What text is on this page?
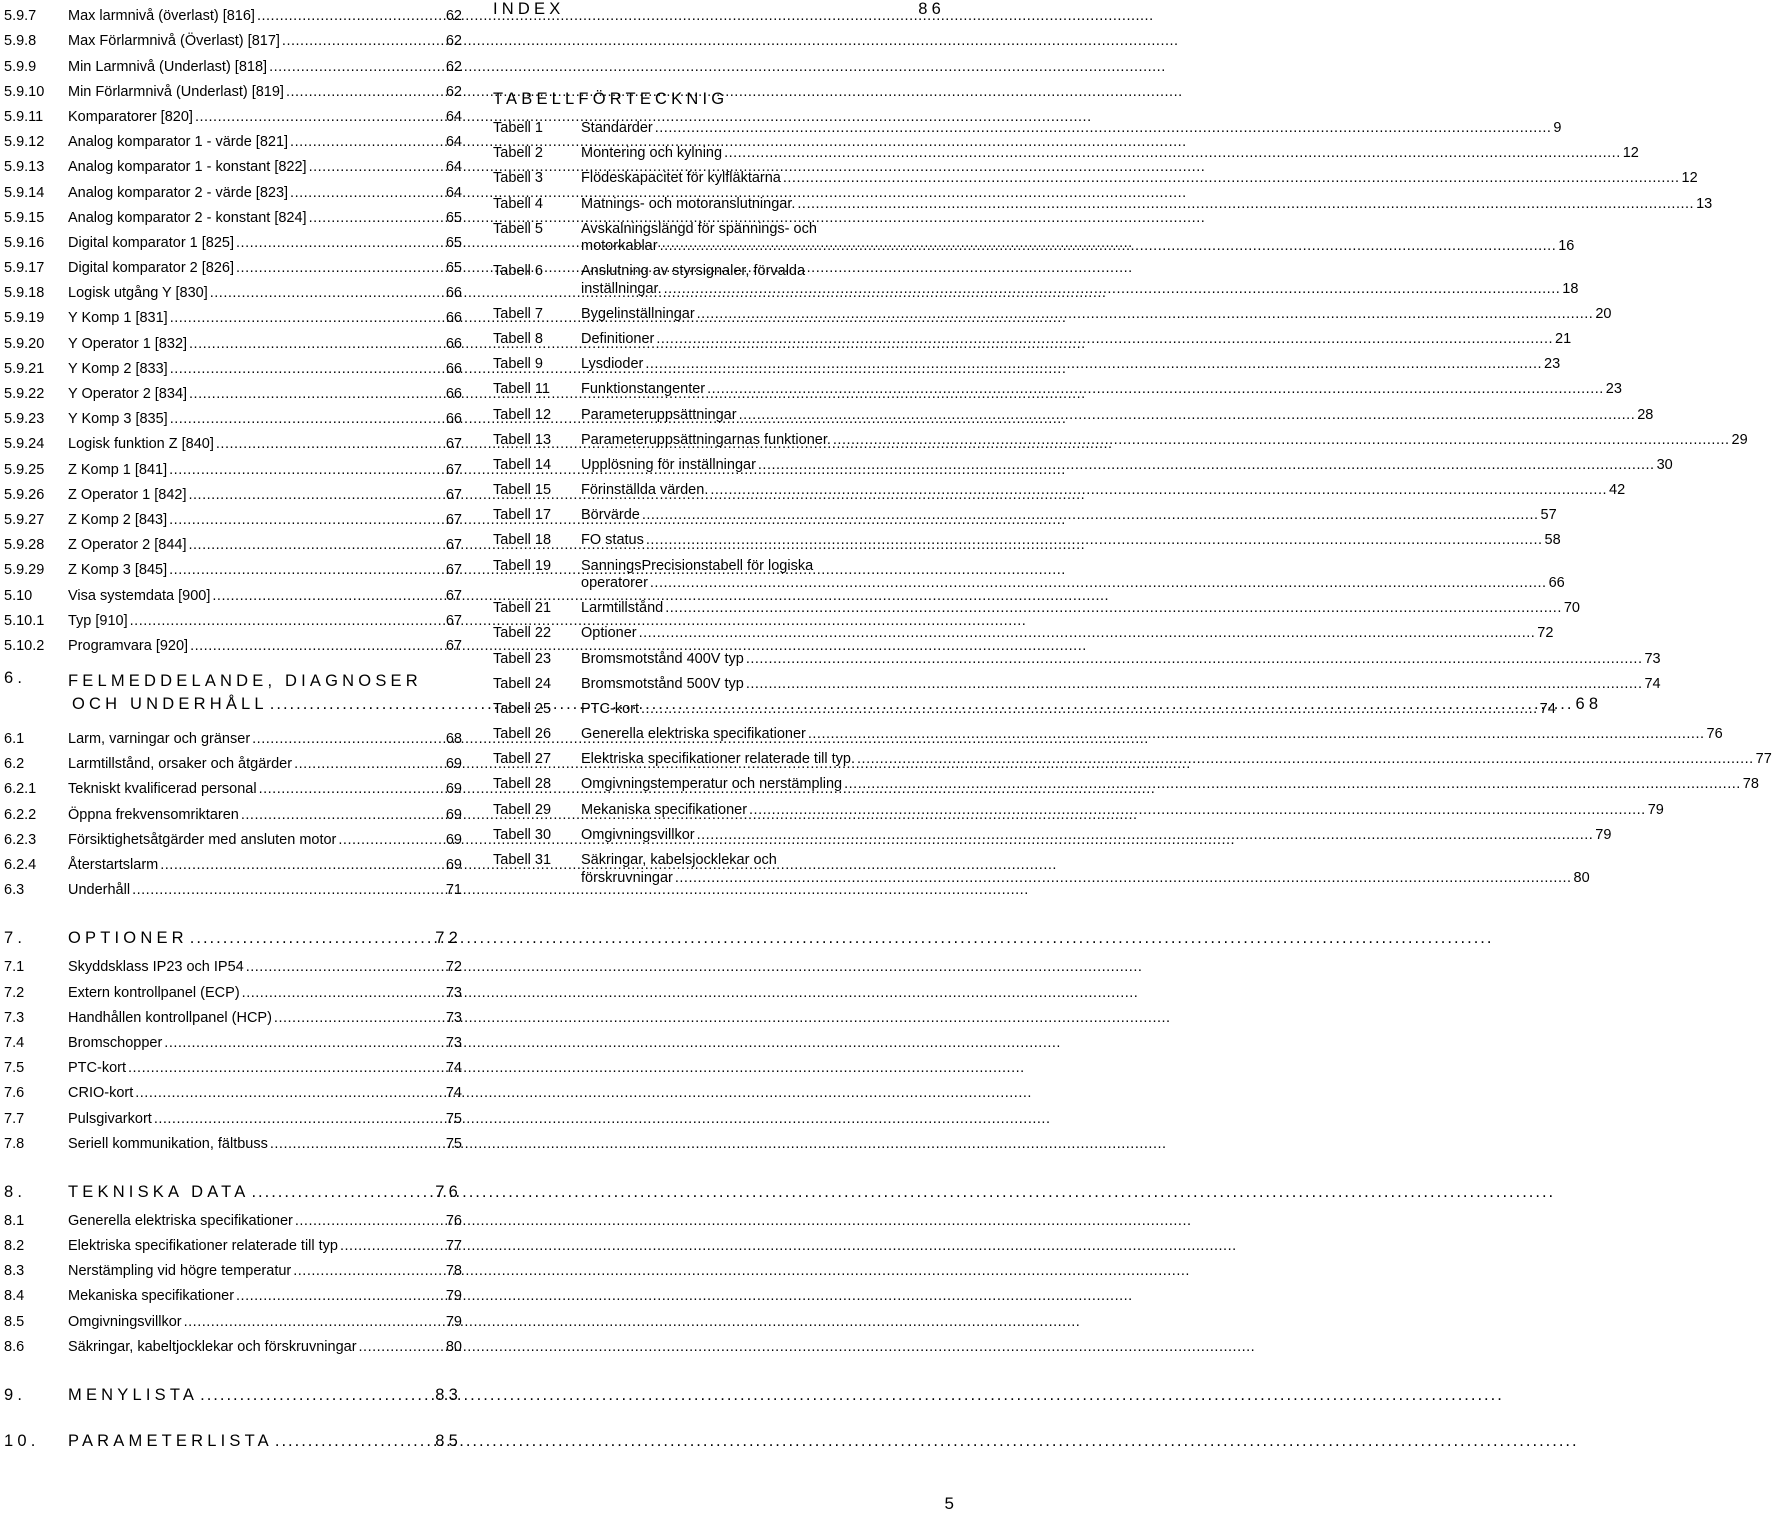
5.9.7	Max larmnivå (överlast) [816] .....	62
5.9.8	Max Förlarmnivå (Överlast) [817] .....	62
5.9.9	Min Larmnivå (Underlast) [818] .....	62
5.9.10	Min Förlarmnivå (Underlast) [819] .....	62
5.9.11	Komparatorer [820] .....	64
5.9.12	Analog komparator 1 - värde [821] .....	64
5.9.13	Analog komparator 1 - konstant [822] .....	64
5.9.14	Analog komparator 2 - värde [823] .....	64
5.9.15	Analog komparator 2 - konstant [824] .....	65
5.9.16	Digital komparator 1 [825] .....	65
5.9.17	Digital komparator 2 [826] .....	65
5.9.18	Logisk utgång Y [830] .....	66
5.9.19	Y Komp 1 [831] .....	66
5.9.20	Y Operator 1 [832] .....	66
5.9.21	Y Komp 2 [833] .....	66
5.9.22	Y Operator 2 [834] .....	66
5.9.23	Y Komp 3 [835] .....	66
5.9.24	Logisk funktion Z [840] .....	67
5.9.25	Z Komp 1 [841] .....	67
5.9.26	Z Operator 1 [842] .....	67
5.9.27	Z Komp 2 [843] .....	67
5.9.28	Z Operator 2 [844] .....	67
5.9.29	Z Komp 3 [845] .....	67
5.10	Visa systemdata [900] .....	67
5.10.1	Typ [910] .....	67
5.10.2	Programvara [920] .....	67
6.	FELMEDDELANDE, DIAGNOSER
OCH UNDERHÅLL .....	68
6.1	Larm, varningar och gränser .....	68
6.2	Larmtillstånd, orsaker och åtgärder .....	69
6.2.1	Tekniskt kvalificerad personal .....	69
6.2.2	Öppna frekvensomriktaren .....	69
6.2.3	Försiktighetsåtgärder med ansluten motor .....	69
6.2.4	Återstartslarm .....	69
6.3	Underhåll .....	71
7.	OPTIONER .....	72
7.1	Skyddsklass IP23 och IP54 .....	72
7.2	Extern kontrollpanel (ECP) .....	73
7.3	Handhållen kontrollpanel (HCP) .....	73
7.4	Bromschopper .....	73
7.5	PTC-kort .....	74
7.6	CRIO-kort .....	74
7.7	Pulsgivarkort .....	75
7.8	Seriell kommunikation, fältbuss .....	75
8.	TEKNISKA DATA .....	76
8.1	Generella elektriska specifikationer .....	76
8.2	Elektriska specifikationer relaterade till typ .....	77
8.3	Nerstämpling vid högre temperatur .....	78
8.4	Mekaniska specifikationer .....	79
8.5	Omgivningsvillkor .....	79
8.6	Säkringar, kabeltjocklekar och förskruvningar .....	80
9.	MENYLISTA .....	83
10.	PARAMETERLISTA .....	85
INDEX	86
TABELLFÖRTECKNIG
Tabell 1	Standarder .....	9
Tabell 2	Montering och kylning .....	12
Tabell 3	Flödeskapacitet för kylfläktarna .....	12
Tabell 4	Matnings- och motoranslutningar. .....	13
Tabell 5	Avskalningslängd för spännings- och
motorkablar .....	16
Tabell 6	Anslutning av styrsignaler, förvalda
inställningar. .....	18
Tabell 7	Bygelinställningar .....	20
Tabell 8	Definitioner .....	21
Tabell 9	Lysdioder .....	23
Tabell 11	Funktionstangenter .....	23
Tabell 12	Parameteruppsättningar .....	28
Tabell 13	Parameteruppsättningarnas funktioner. .....	29
Tabell 14	Upplösning för inställningar .....	30
Tabell 15	Förinställda värden. .....	42
Tabell 17	Börvärde .....	57
Tabell 18	FO status .....	58
Tabell 19	SanningsPrecisionstabell för logiska
operatorer .....	66
Tabell 21	Larmtillstånd .....	70
Tabell 22	Optioner .....	72
Tabell 23	Bromsmotstånd 400V typ .....	73
Tabell 24	Bromsmotstånd 500V typ .....	74
Tabell 25	PTC-kort .....	74
Tabell 26	Generella elektriska specifikationer .....	76
Tabell 27	Elektriska specifikationer relaterade till typ. .....	77
Tabell 28	Omgivningstemperatur och nerstämpling .....	78
Tabell 29	Mekaniska specifikationer .....	79
Tabell 30	Omgivningsvillkor .....	79
Tabell 31	Säkringar, kabelsjocklekar och
förskruvningar .....	80
5
